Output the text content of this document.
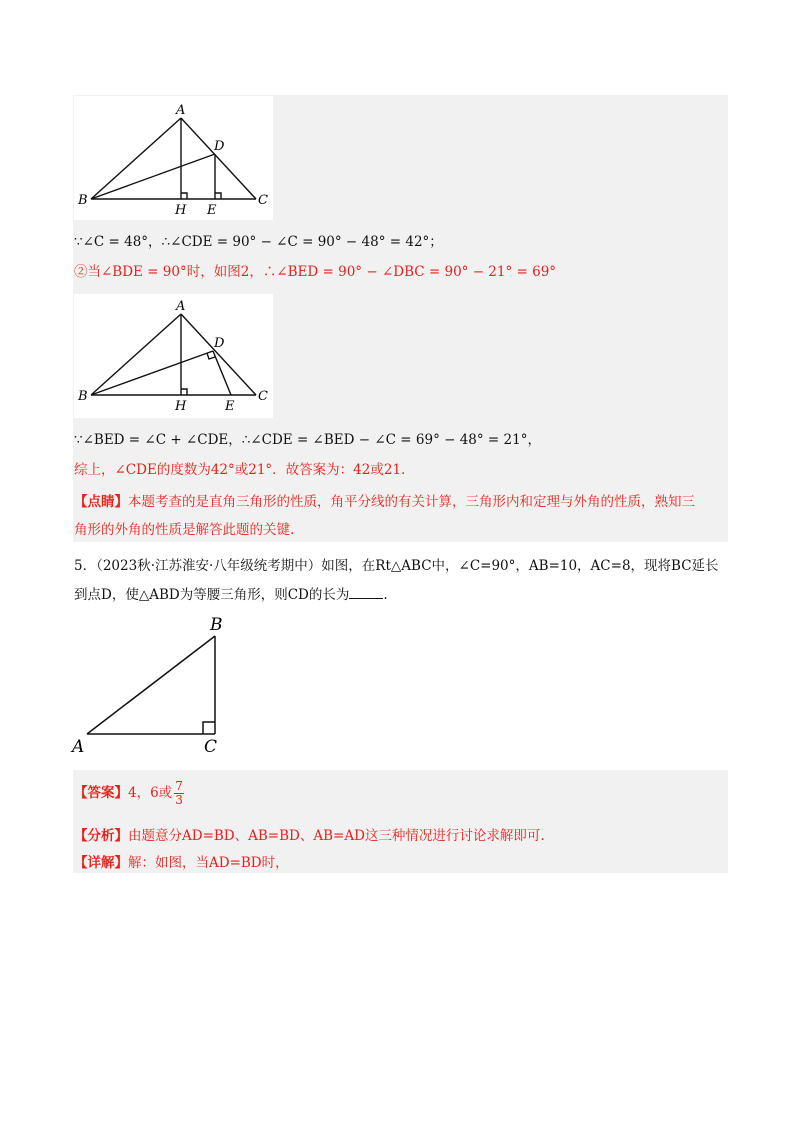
A
B	C
D
H E
∵∠C = 48°，∴∠CDE = 90° − ∠C = 90° − 48° = 42°；
②当∠BDE = 90°时，如图2，∴∠BED = 90° − ∠DBC = 90° − 21° = 69°
A
B	C
D
H	E
∵∠BED = ∠C + ∠CDE，∴∠CDE = ∠BED − ∠C = 69° − 48° = 21°，
综上，∠CDE的度数为42°或21°．故答案为：42或21.
【点睛】本题考查的是直角三角形的性质，角平分线的有关计算，三角形内和定理与外角的性质，熟知三
角形的外角的性质是解答此题的关键.
5．（2023秋·江苏淮安·八年级统考期中）如图，在Rt△ABC中，∠C=90°，AB=10，AC=8，现将BC延长
到点D，使△ABD为等腰三角形，则CD的长为	.
B
A	C
【答案】4，6或 $\frac{7}{3}$
【分析】由题意分AD=BD、AB=BD、AB=AD这三种情况进行讨论求解即可.
【详解】解：如图，当AD=BD时，
